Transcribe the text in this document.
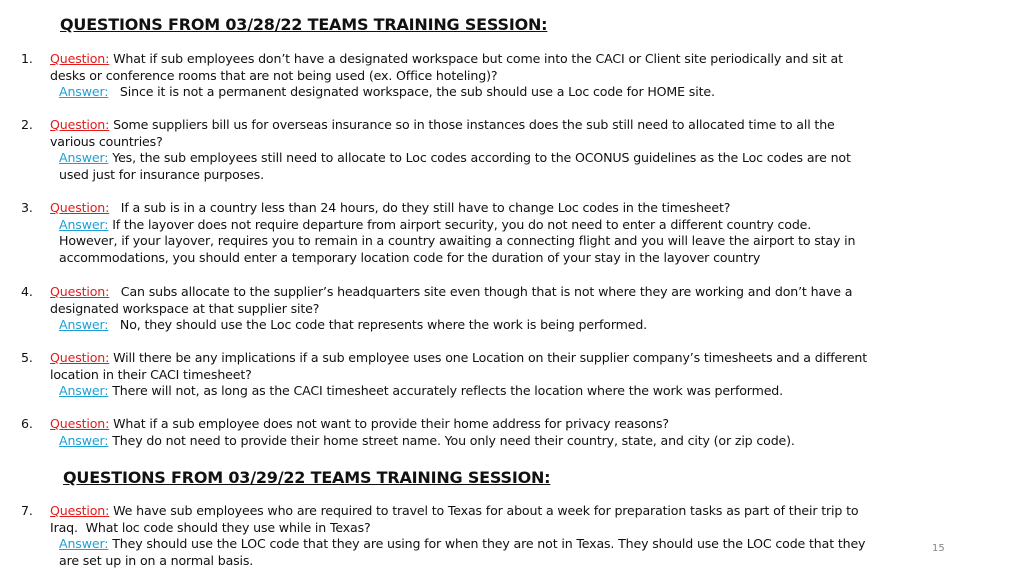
QUESTIONS FROM 03/28/22 TEAMS TRAINING SESSION:
QUESTIONS FROM 03/29/22 TEAMS TRAINING SESSION:
1. Question: What if sub employees don’t have a designated workspace but come into the CACI or Client site periodically and sit at
desks or conference rooms that are not being used (ex. Office hoteling)?
Answer:   Since it is not a permanent designated workspace, the sub should use a Loc code for HOME site.
2. Question: Some suppliers bill us for overseas insurance so in those instances does the sub still need to allocated time to all the
various countries?
Answer: Yes, the sub employees still need to allocate to Loc codes according to the OCONUS guidelines as the Loc codes are not
used just for insurance purposes.
3. Question:   If a sub is in a country less than 24 hours, do they still have to change Loc codes in the timesheet?
Answer: If the layover does not require departure from airport security, you do not need to enter a different country code.
However, if your layover, requires you to remain in a country awaiting a connecting flight and you will leave the airport to stay in
accommodations, you should enter a temporary location code for the duration of your stay in the layover country
4. Question:   Can subs allocate to the supplier’s headquarters site even though that is not where they are working and don’t have a
designated workspace at that supplier site?
Answer:   No, they should use the Loc code that represents where the work is being performed.
5. Question: Will there be any implications if a sub employee uses one Location on their supplier company’s timesheets and a different
location in their CACI timesheet?
Answer: There will not, as long as the CACI timesheet accurately reflects the location where the work was performed.
6. Question: What if a sub employee does not want to provide their home address for privacy reasons?
Answer: They do not need to provide their home street name. You only need their country, state, and city (or zip code).
7. Question: We have sub employees who are required to travel to Texas for about a week for preparation tasks as part of their trip to
Iraq.  What loc code should they use while in Texas?
Answer: They should use the LOC code that they are using for when they are not in Texas. They should use the LOC code that they
are set up in on a normal basis.
15
